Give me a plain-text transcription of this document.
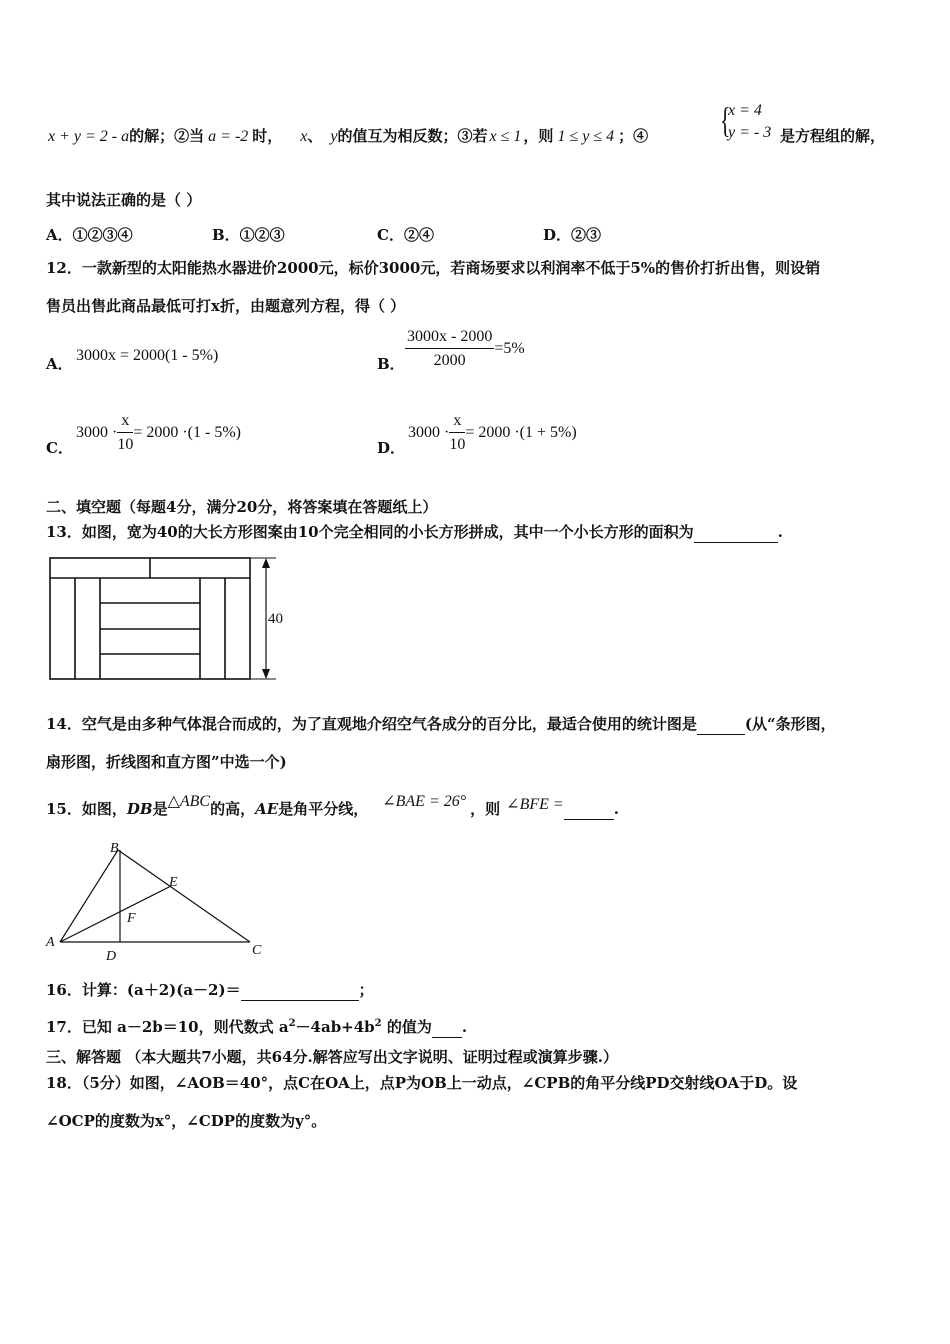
x + y = 2 - a的解；②当 a = -2 时， x、 y的值互为相反数；③若 x ≤ 1 ，则 1 ≤ y ≤ 4 ；④ {
x = 4
y = - 3 是方程组的解，
其中说法正确的是（ ）
A．①②③④	B．①②③	C．②④	D．②③
12．一款新型的太阳能热水器进价2000元，标价3000元，若商场要求以利润率不低于5%的售价打折出售，则设销
售员出售此商品最低可打x折，由题意列方程，得（ ）
A． 3000x = 2000(1 - 5%)	B． $\frac{3000x - 2000}{2000} =5\%$
C．
$3000 \cdot \frac{x}{10} = 2000 \cdot(1 - 5\%)$
D．
$3000 \cdot \frac{x}{10} = 2000 \cdot(1 + 5\%)$
二、填空题（每题4分，满分20分，将答案填在答题纸上）
13．如图，宽为40的大长方形图案由10个完全相同的小长方形拼成，其中一个小长方形的面积为	.
40
14．空气是由多种气体混合而成的，为了直观地介绍空气各成分的百分比，最适合使用的统计图是	(从“条形图，
扇形图，折线图和直方图”中选一个)
15．如图，DB是△ABC的高，AE是角平分线， ∠BAE = 26° ，则 ∠BFE =	.
B
E
F
A
D	C
16．计算：(a＋2)(a－2)＝	；
17．已知 a－2b＝10，则代数式 $a^2-4ab+4b^2$ 的值为 .
三、解答题 （本大题共7小题，共64分.解答应写出文字说明、证明过程或演算步骤.）
18．（5分）如图，∠AOB＝40°，点C在OA上，点P为OB上一动点，∠CPB的角平分线PD交射线OA于D。设
∠OCP的度数为x°，∠CDP的度数为y°。
